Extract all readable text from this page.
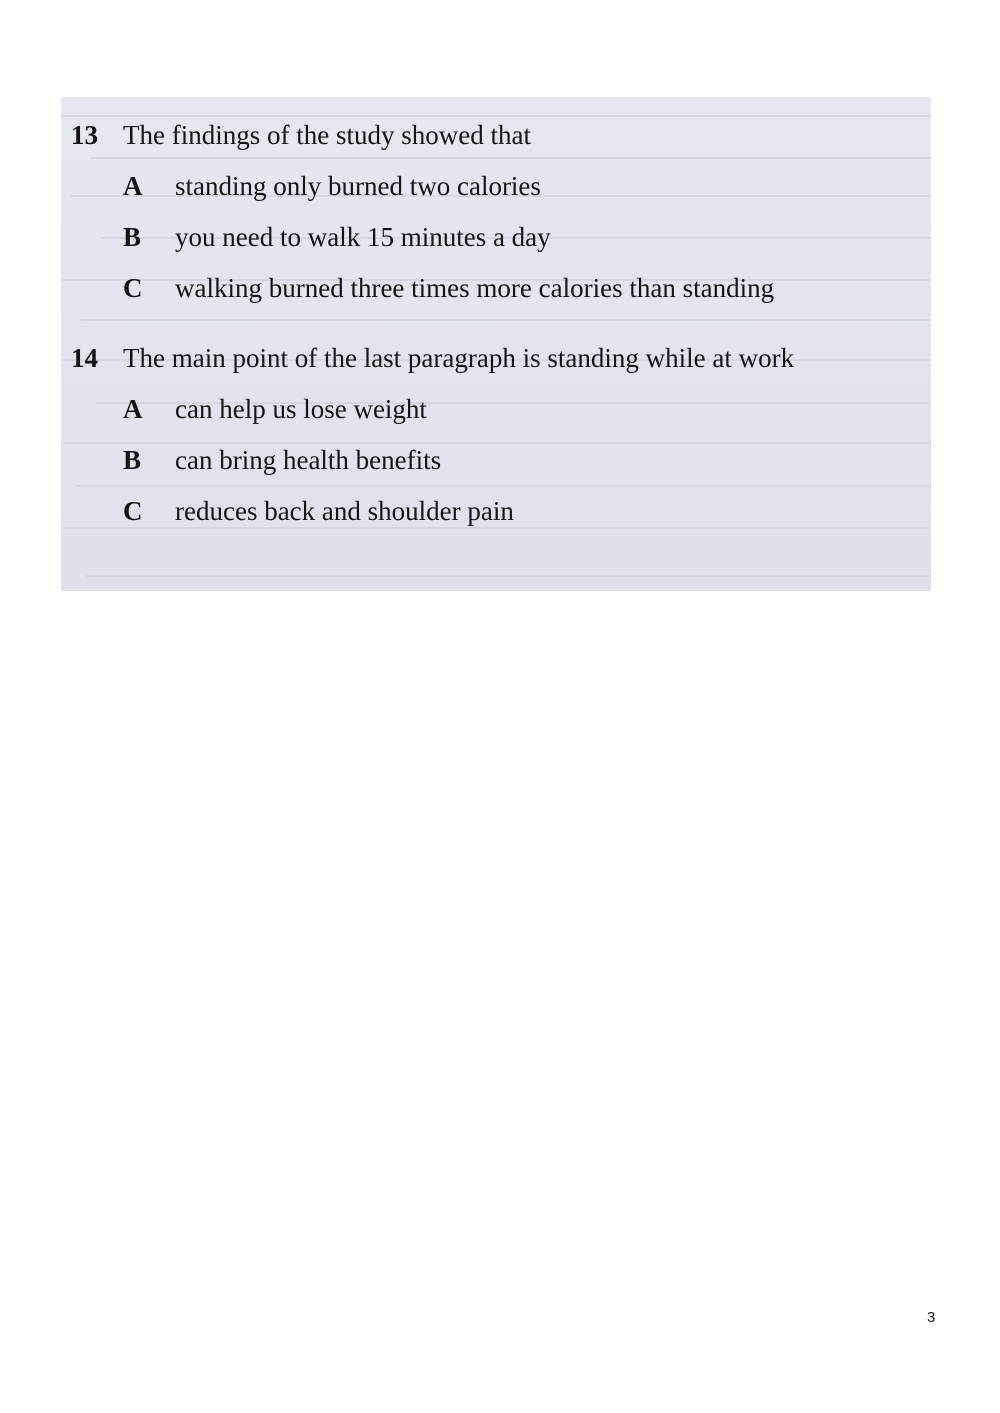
13 The findings of the study showed that
A standing only burned two calories
B you need to walk 15 minutes a day
C walking burned three times more calories than standing
14 The main point of the last paragraph is standing while at work
A can help us lose weight
B can bring health benefits
C reduces back and shoulder pain
3
